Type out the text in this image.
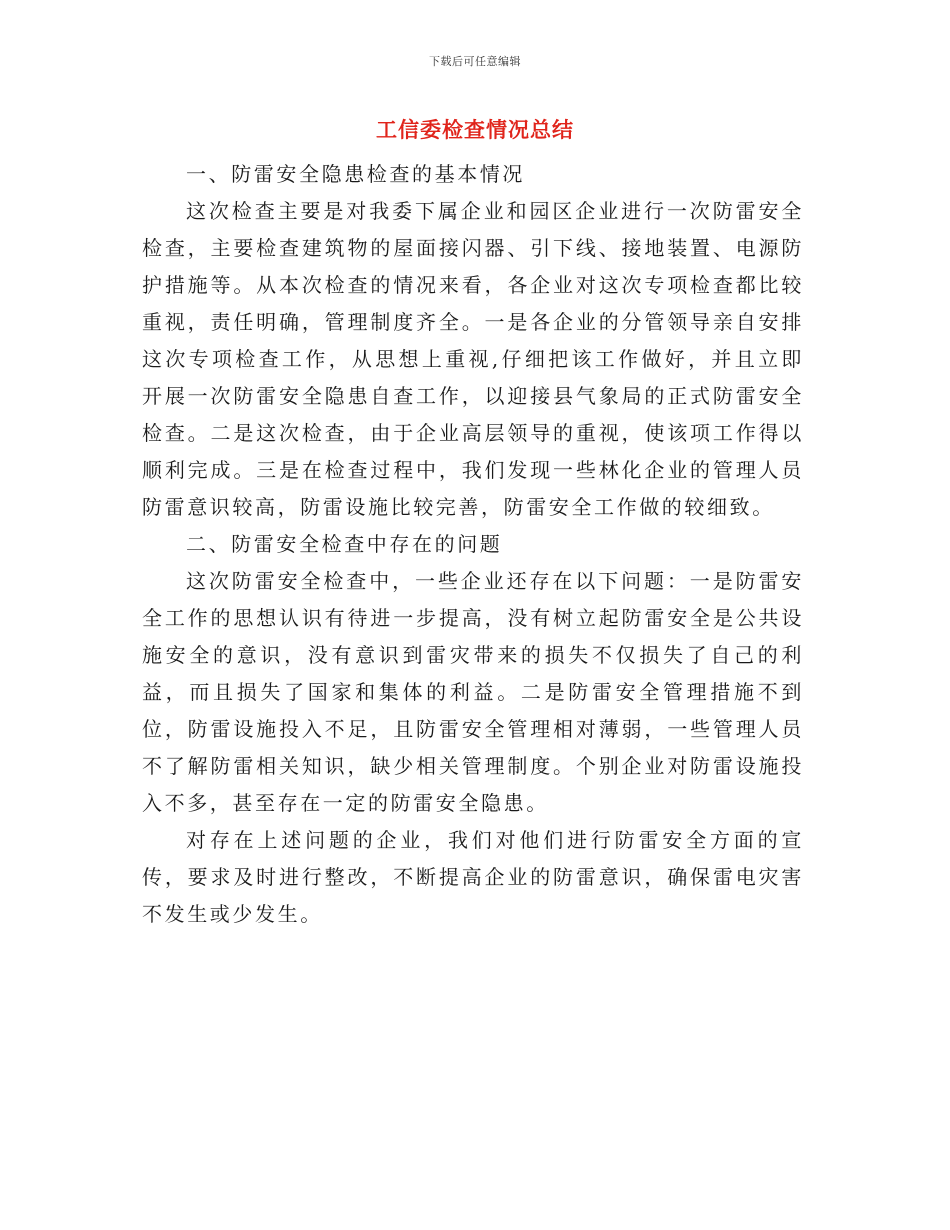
下载后可任意编辑
工信委检查情况总结

一、防雷安全隐患检查的基本情况

这次检查主要是对我委下属企业和园区企业进行一次防雷安全检查，主要检查建筑物的屋面接闪器、引下线、接地装置、电源防护措施等。从本次检查的情况来看，各企业对这次专项检查都比较重视，责任明确，管理制度齐全。一是各企业的分管领导亲自安排这次专项检查工作，从思想上重视,仔细把该工作做好，并且立即开展一次防雷安全隐患自查工作，以迎接县气象局的正式防雷安全检查。二是这次检查，由于企业高层领导的重视，使该项工作得以顺利完成。三是在检查过程中，我们发现一些林化企业的管理人员防雷意识较高，防雷设施比较完善，防雷安全工作做的较细致。

二、防雷安全检查中存在的问题

这次防雷安全检查中，一些企业还存在以下问题：一是防雷安全工作的思想认识有待进一步提高，没有树立起防雷安全是公共设施安全的意识，没有意识到雷灾带来的损失不仅损失了自己的利益，而且损失了国家和集体的利益。二是防雷安全管理措施不到位，防雷设施投入不足，且防雷安全管理相对薄弱，一些管理人员不了解防雷相关知识，缺少相关管理制度。个别企业对防雷设施投入不多，甚至存在一定的防雷安全隐患。

对存在上述问题的企业，我们对他们进行防雷安全方面的宣传，要求及时进行整改，不断提高企业的防雷意识，确保雷电灾害不发生或少发生。
